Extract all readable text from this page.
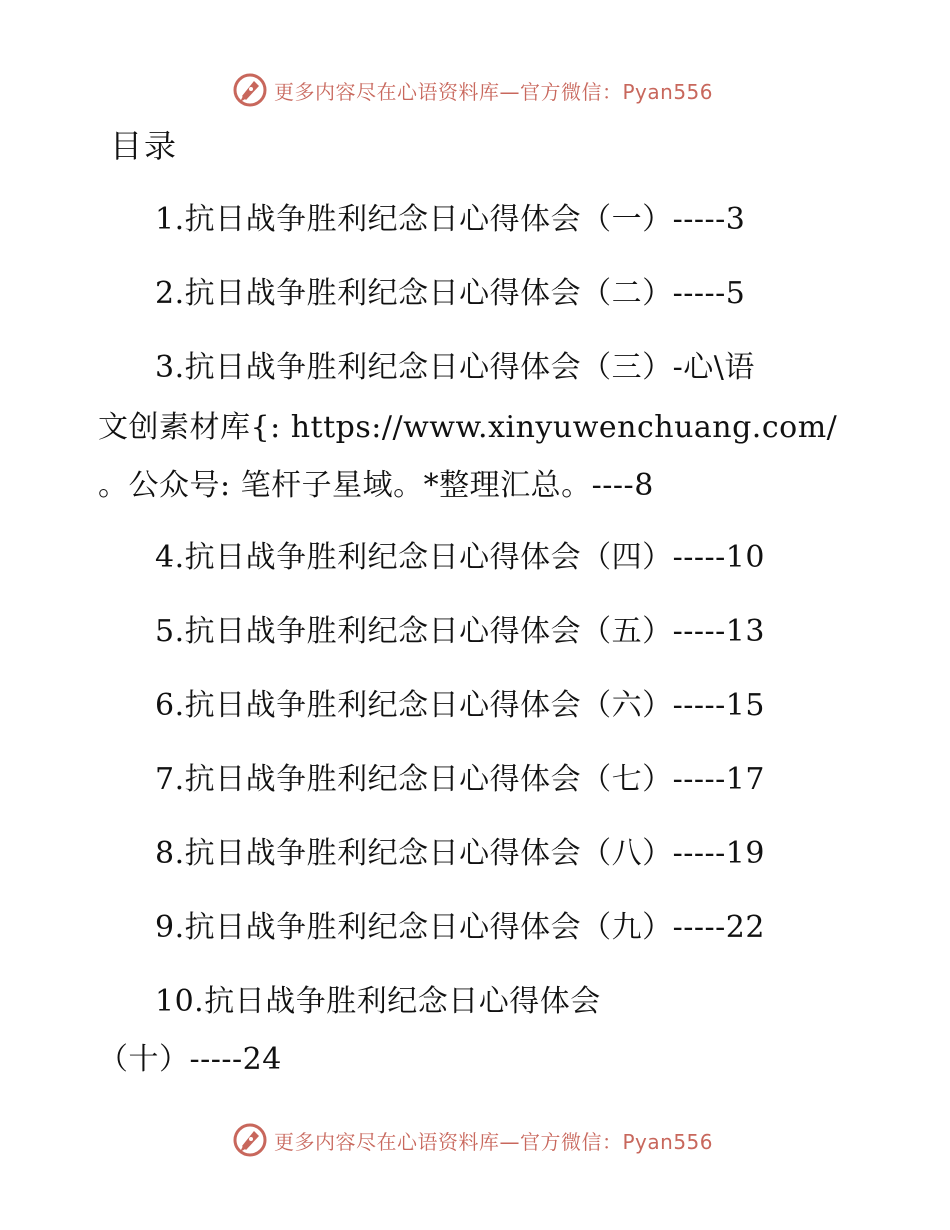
更多内容尽在心语资料库—官方微信：Pyan556
目录
1.抗日战争胜利纪念日心得体会（一）-----3
2.抗日战争胜利纪念日心得体会（二）-----5
3.抗日战争胜利纪念日心得体会（三）-心\语
文创素材库{: https://www.xinyuwenchuang.com/
。公众号: 笔杆子星域。*整理汇总。----8
4.抗日战争胜利纪念日心得体会（四）-----10
5.抗日战争胜利纪念日心得体会（五）-----13
6.抗日战争胜利纪念日心得体会（六）-----15
7.抗日战争胜利纪念日心得体会（七）-----17
8.抗日战争胜利纪念日心得体会（八）-----19
9.抗日战争胜利纪念日心得体会（九）-----22
10.抗日战争胜利纪念日心得体会
（十）-----24
更多内容尽在心语资料库—官方微信：Pyan556
